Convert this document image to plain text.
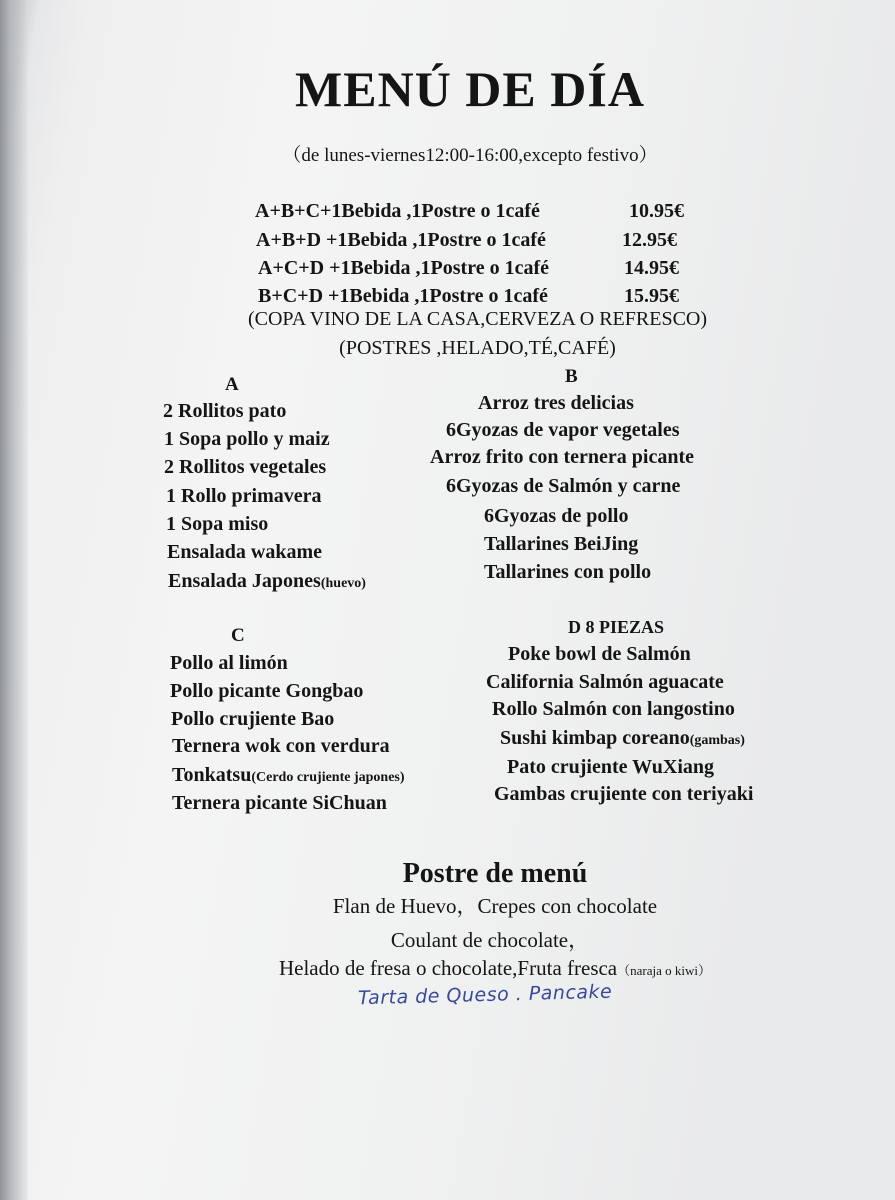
MENÚ DE DÍA
（de lunes-viernes12:00-16:00,excepto festivo）
A+B+C+1Bebida ,1Postre o 1café	10.95€
A+B+D +1Bebida ,1Postre o 1café	12.95€
A+C+D +1Bebida ,1Postre o 1café	14.95€
B+C+D +1Bebida ,1Postre o 1café	15.95€
(COPA VINO DE LA CASA,CERVEZA O REFRESCO)
(POSTRES ,HELADO,TÉ,CAFÉ)
A
2 Rollitos pato
1 Sopa pollo y maiz
2 Rollitos vegetales
1 Rollo primavera
1 Sopa miso
Ensalada wakame
Ensalada Japones(huevo)
B
Arroz tres delicias
6Gyozas de vapor vegetales
Arroz frito con ternera picante
6Gyozas de Salmón y carne
6Gyozas de pollo
Tallarines BeiJing
Tallarines con pollo
C
Pollo al limón
Pollo picante Gongbao
Pollo crujiente Bao
Ternera wok con verdura
Tonkatsu(Cerdo crujiente japones)
Ternera picante SiChuan
D 8 PIEZAS
Poke bowl de Salmón
California Salmón aguacate
Rollo Salmón con langostino
Sushi kimbap coreano(gambas)
Pato crujiente WuXiang
Gambas crujiente con teriyaki
Postre de menú
Flan de Huevo，Crepes con chocolate
Coulant de chocolate，
Helado de fresa o chocolate,Fruta fresca（naraja o kiwi）
Tarta de Queso . Pancake
